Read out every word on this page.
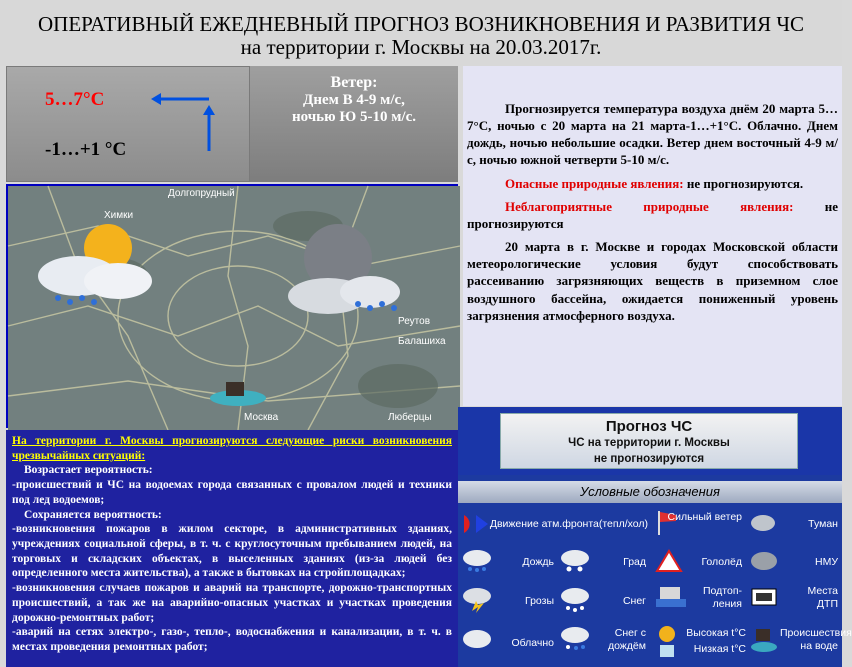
ОПЕРАТИВНЫЙ ЕЖЕДНЕВНЫЙ ПРОГНОЗ ВОЗНИКНОВЕНИЯ И РАЗВИТИЯ ЧС
на территории г. Москвы на 20.03.2017г.
5…7°C
-1…+1 °C
Ветер:
Днем В 4-9 м/с,
ночью Ю 5-10 м/с.
Долгопрудный
Москва
Балашиха
Люберцы
Химки
Реутов

На территории г. Москвы прогнозируются следующие риски возникновения чрезвычайных ситуаций:

Возрастает вероятность:

-происшествий и ЧС на водоемах города связанных с провалом людей и техники под лед водоемов;

Сохраняется вероятность:

-возникновения пожаров в жилом секторе, в административных зданиях, учреждениях социальной сферы, в т. ч. с круглосуточным пребыванием людей, на торговых и складских объектах, в выселенных зданиях (из-за людей без определенного места жительства), а также в бытовках на стройплощадках;

-возникновения случаев пожаров и аварий на транспорте, дорожно-транспортных происшествий, а так же на аварийно-опасных участках и участках проведения дорожно-ремонтных работ;

-аварий на сетях электро-, газо-, тепло-, водоснабжения и канализации, в т. ч. в местах проведения ремонтных работ;

Прогнозируется температура воздуха днём 20 марта 5…7°С, ночью с 20 марта на 21 марта-1…+1°С. Облачно. Днем дождь, ночью небольшие осадки. Ветер днем восточный 4-9 м/с, ночью южной четверти 5-10 м/с.

Опасные природные явления: не прогнозируются.

Неблагоприятные природные явления: не прогнозируются

20 марта в г. Москве и городах Московской области метеорологические условия будут способствовать рассеиванию загрязняющих веществ в приземном слое воздушного бассейна, ожидается пониженный уровень загрязнения атмосферного воздуха.

Прогноз ЧС
ЧС на территории г. Москвы
не прогнозируются
Условные обозначения
Движение атм.фронта(тепл/хол)
Сильный ветер
Туман
Дождь	Град	Гололёд	НМУ
Грозы	Снег
Подтоп-ления
Места ДТП
Облачно
Снег с дождём
Высокая t°C
Низкая t°C
Происшествия на воде
